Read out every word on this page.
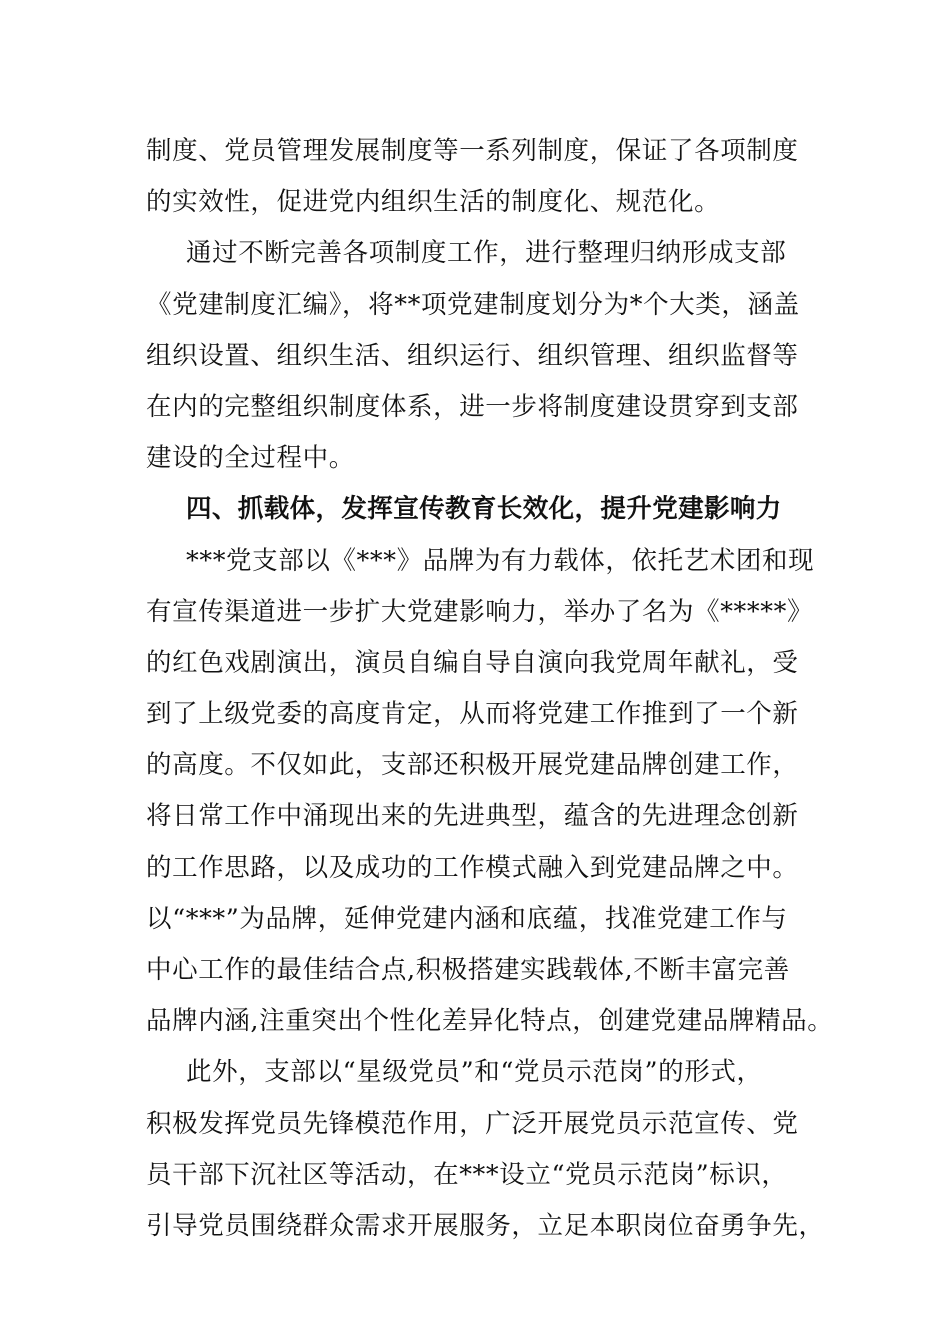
制度、党员管理发展制度等一系列制度，保证了各项制度
的实效性，促进党内组织生活的制度化、规范化。
通过不断完善各项制度工作，进行整理归纳形成支部
《党建制度汇编》，将**项党建制度划分为*个大类，涵盖
组织设置、组织生活、组织运行、组织管理、组织监督等
在内的完整组织制度体系，进一步将制度建设贯穿到支部
建设的全过程中。
四、抓载体，发挥宣传教育长效化，提升党建影响力
***党支部以《***》品牌为有力载体，依托艺术团和现
有宣传渠道进一步扩大党建影响力，举办了名为《*****》
的红色戏剧演出，演员自编自导自演向我党周年献礼，受
到了上级党委的高度肯定，从而将党建工作推到了一个新
的高度。不仅如此，支部还积极开展党建品牌创建工作，
将日常工作中涌现出来的先进典型，蕴含的先进理念创新
的工作思路，以及成功的工作模式融入到党建品牌之中。
以“***”为品牌，延伸党建内涵和底蕴，找准党建工作与
中心工作的最佳结合点,积极搭建实践载体,不断丰富完善
品牌内涵,注重突出个性化差异化特点，创建党建品牌精品。
此外，支部以“星级党员”和“党员示范岗”的形式，
积极发挥党员先锋模范作用，广泛开展党员示范宣传、党
员干部下沉社区等活动，在***设立“党员示范岗”标识，
引导党员围绕群众需求开展服务，立足本职岗位奋勇争先，
